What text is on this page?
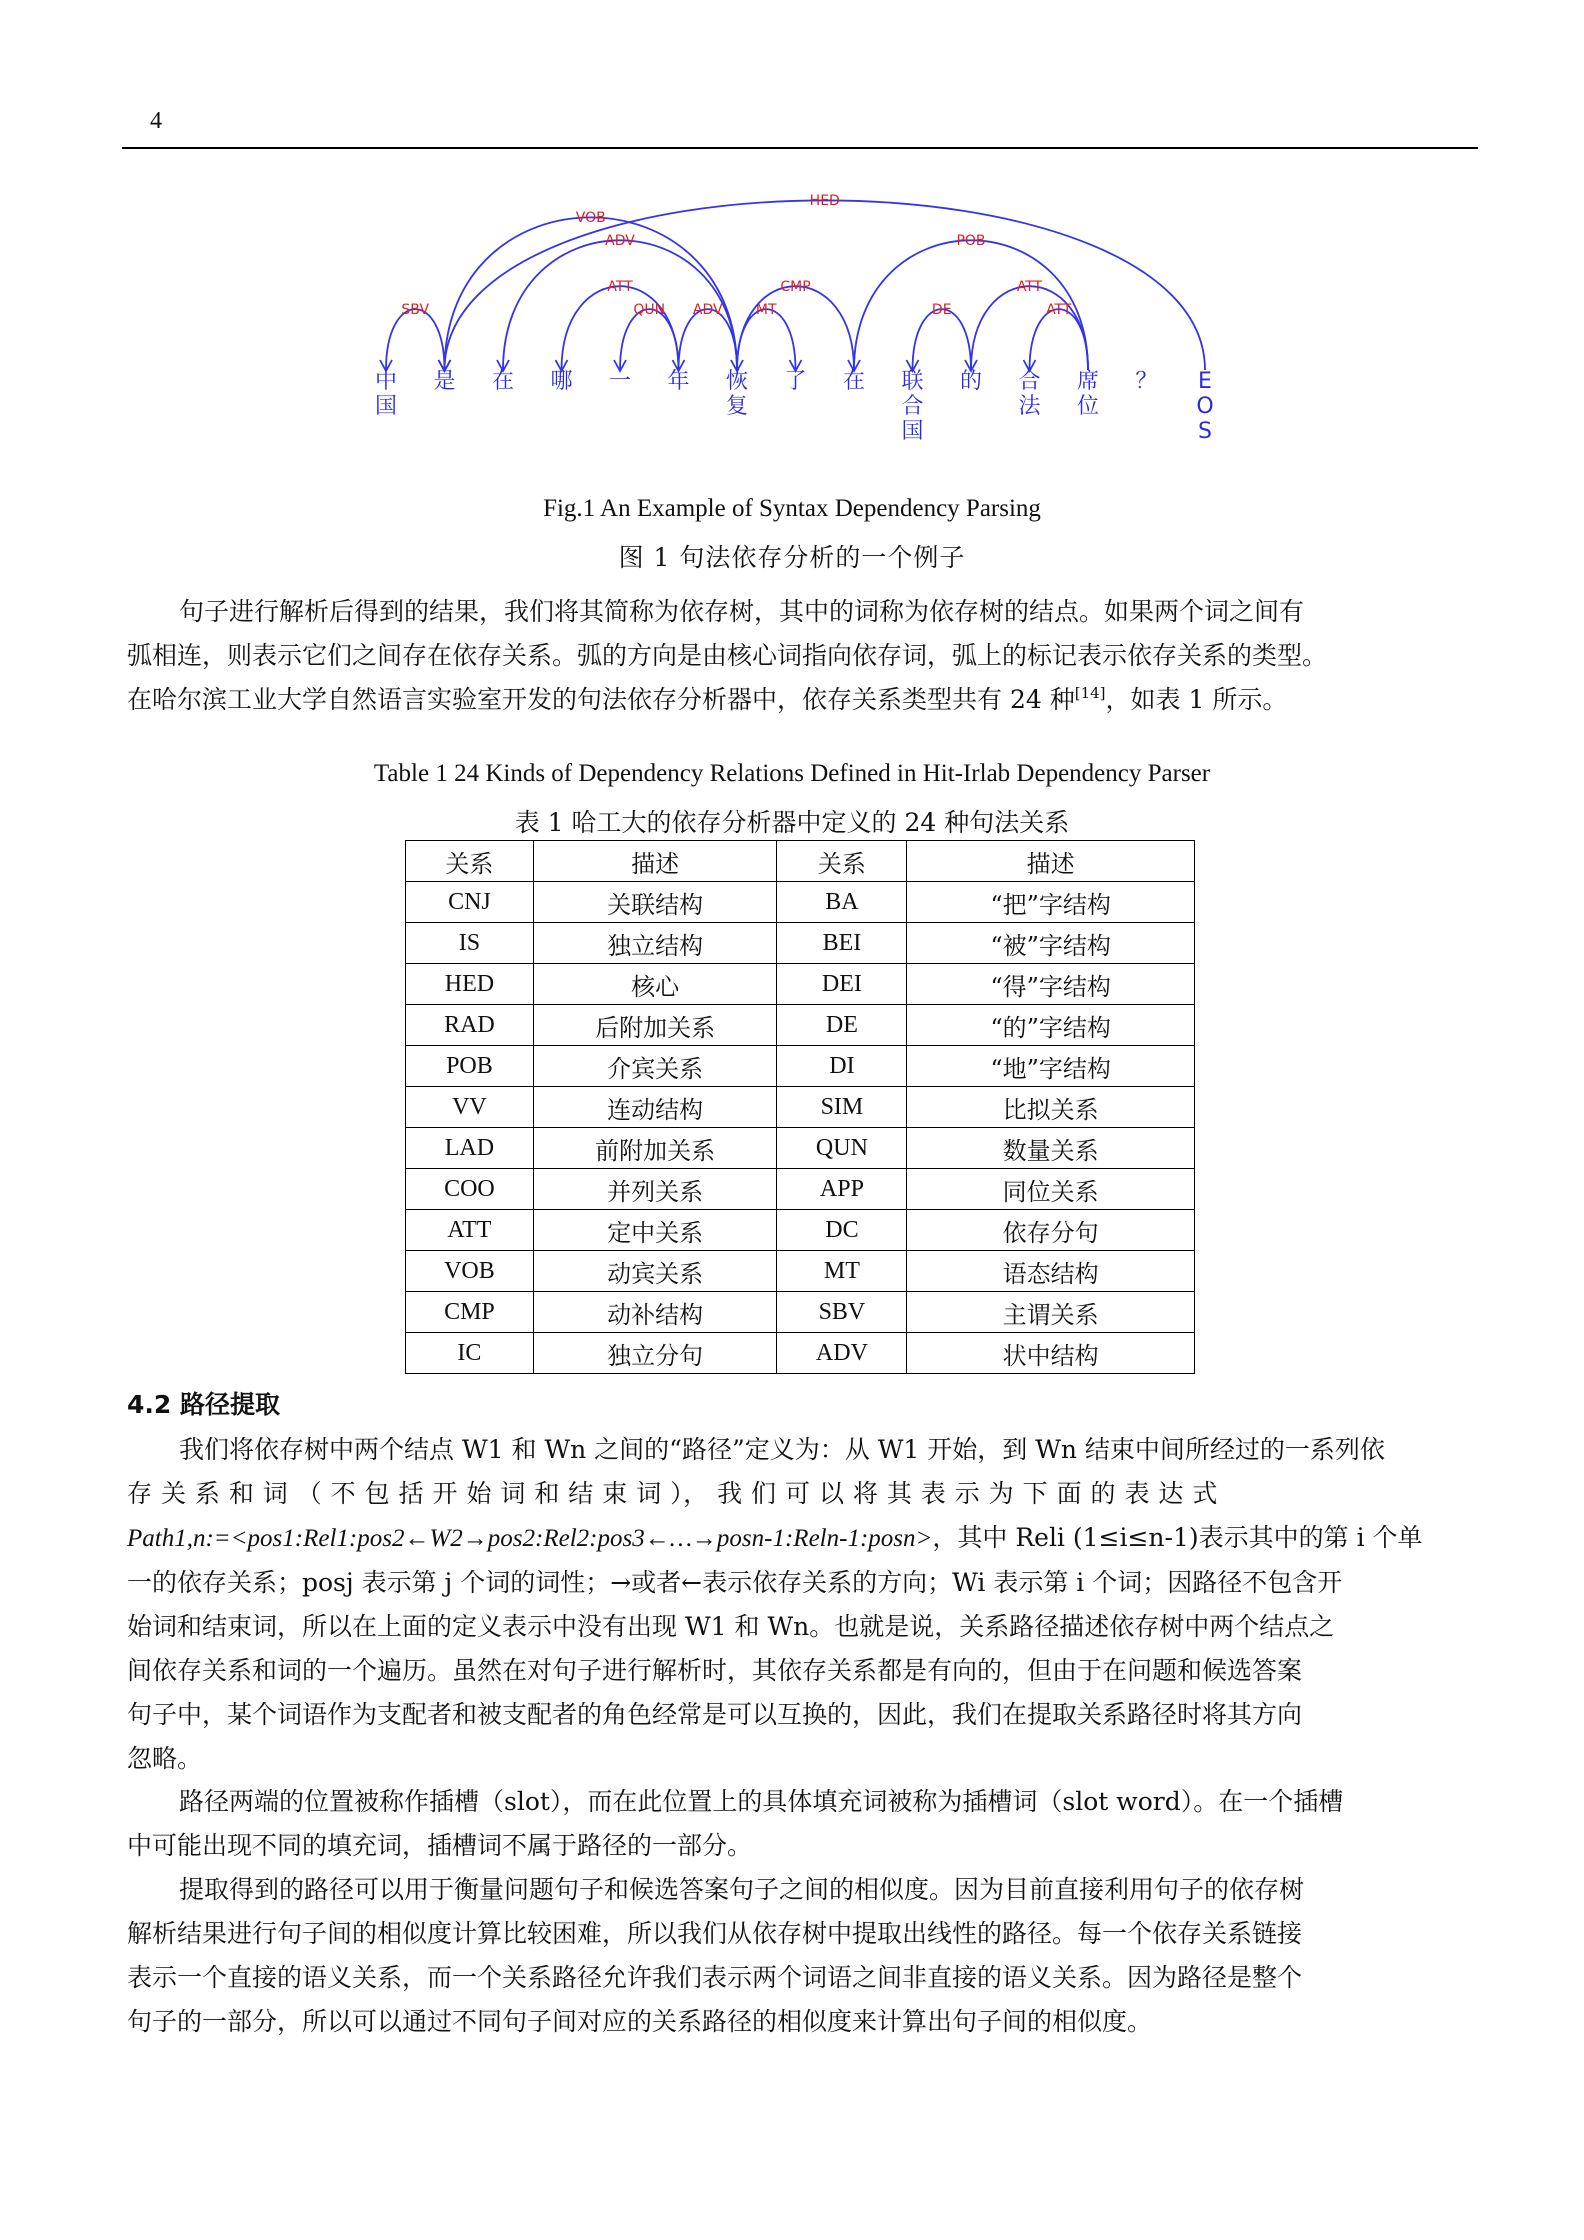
4
HED
SBV
VOB
ADV
ATT
QUN ADV MT
CMP
POB
DE
ATT
ATT
中
国
是 在 哪 一 年 恢
复
了 在 联
合
国
的 合
法
席
位
？ E
O
S
Fig.1 An Example of Syntax Dependency Parsing
图 1 句法依存分析的一个例子
句子进行解析后得到的结果，我们将其简称为依存树，其中的词称为依存树的结点。如果两个词之间有
弧相连，则表示它们之间存在依存关系。弧的方向是由核心词指向依存词，弧上的标记表示依存关系的类型。
在哈尔滨工业大学自然语言实验室开发的句法依存分析器中，依存关系类型共有 24 种[14]，如表 1 所示。
Table 1 24 Kinds of Dependency Relations Defined in Hit-Irlab Dependency Parser
表 1 哈工大的依存分析器中定义的 24 种句法关系
关系	描述	关系	描述
CNJ	关联结构	BA	“把”字结构
IS	独立结构	BEI	“被”字结构
HED	核心	DEI	“得”字结构
RAD	后附加关系	DE	“的”字结构
POB	介宾关系	DI	“地”字结构
VV	连动结构	SIM	比拟关系
LAD	前附加关系	QUN	数量关系
COO	并列关系	APP	同位关系
ATT	定中关系	DC	依存分句
VOB	动宾关系	MT	语态结构
CMP	动补结构	SBV	主谓关系
IC	独立分句	ADV	状中结构
4.2 路径提取
我们将依存树中两个结点 W1 和 Wn 之间的“路径”定义为：从 W1 开始，到 Wn 结束中间所经过的一系列依
存 关 系 和 词 （ 不 包 括 开 始 词 和 结 束 词 ）， 我 们 可 以 将 其 表 示 为 下 面 的 表 达 式
Path1,n:=<pos1:Rel1:pos2←W2→pos2:Rel2:pos3←…→posn-1:Reln-1:posn>，其中 Reli (1≤i≤n-1)表示其中的第 i 个单
一的依存关系；posj 表示第 j 个词的词性；→或者←表示依存关系的方向；Wi 表示第 i 个词；因路径不包含开
始词和结束词，所以在上面的定义表示中没有出现 W1 和 Wn。也就是说，关系路径描述依存树中两个结点之
间依存关系和词的一个遍历。虽然在对句子进行解析时，其依存关系都是有向的，但由于在问题和候选答案
句子中，某个词语作为支配者和被支配者的角色经常是可以互换的，因此，我们在提取关系路径时将其方向
忽略。
路径两端的位置被称作插槽（slot），而在此位置上的具体填充词被称为插槽词（slot word）。在一个插槽
中可能出现不同的填充词，插槽词不属于路径的一部分。
提取得到的路径可以用于衡量问题句子和候选答案句子之间的相似度。因为目前直接利用句子的依存树
解析结果进行句子间的相似度计算比较困难，所以我们从依存树中提取出线性的路径。每一个依存关系链接
表示一个直接的语义关系，而一个关系路径允许我们表示两个词语之间非直接的语义关系。因为路径是整个
句子的一部分，所以可以通过不同句子间对应的关系路径的相似度来计算出句子间的相似度。
